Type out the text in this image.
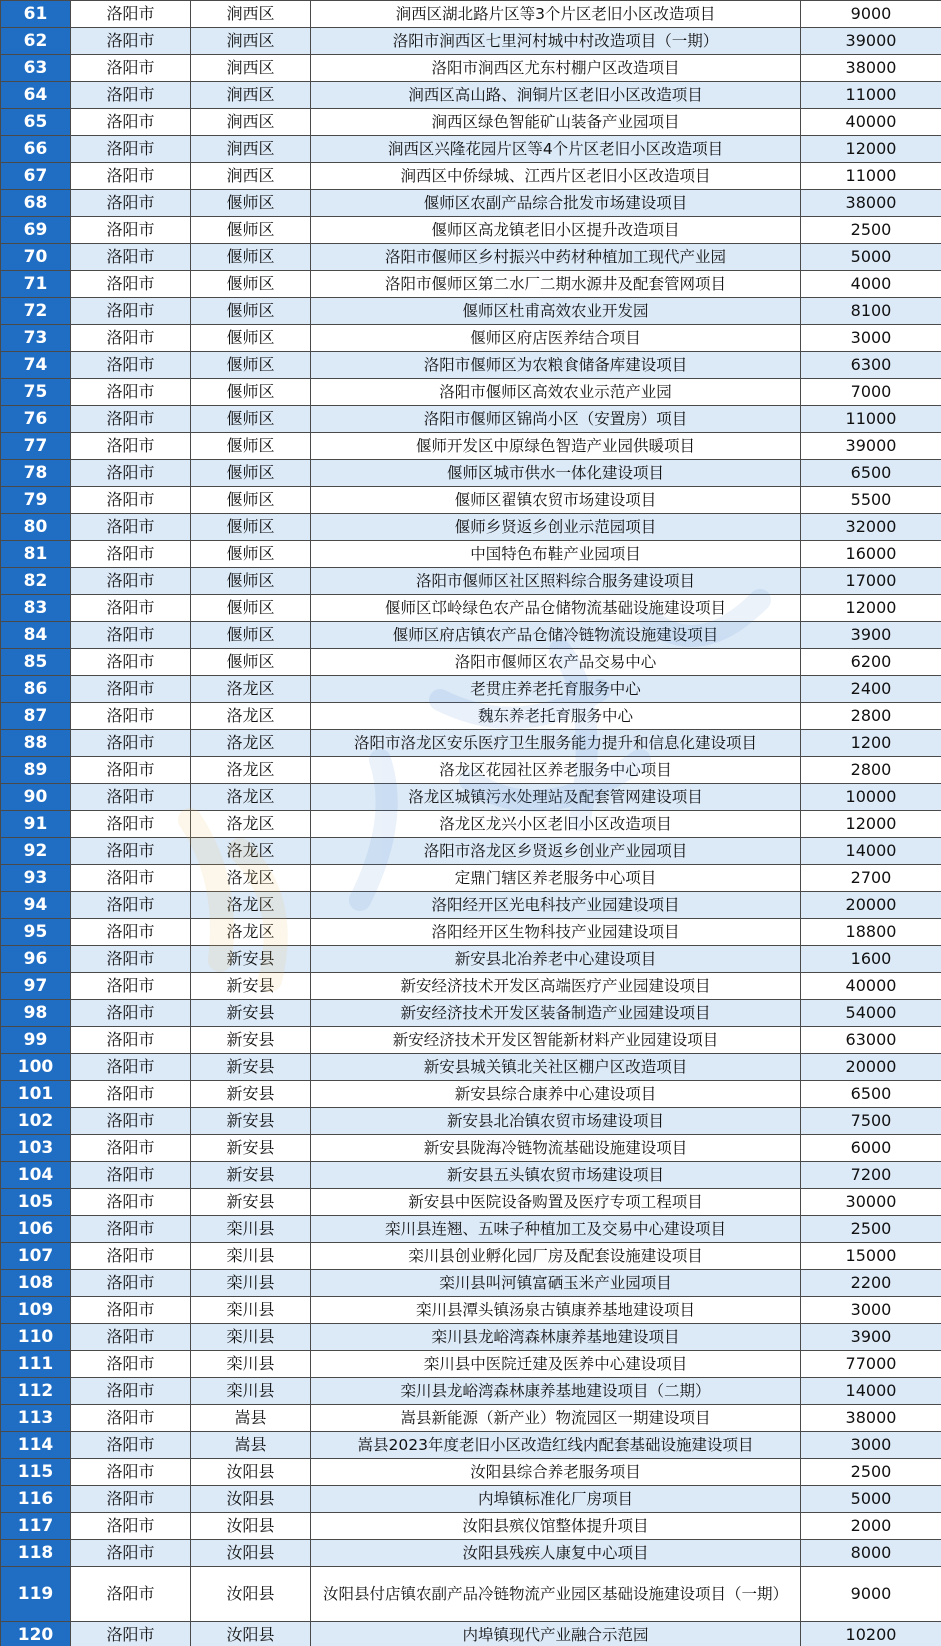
61	洛阳市	涧西区	涧西区湖北路片区等3个片区老旧小区改造项目	9000
62	洛阳市	涧西区	洛阳市涧西区七里河村城中村改造项目（一期）	39000
63	洛阳市	涧西区	洛阳市涧西区尤东村棚户区改造项目	38000
64	洛阳市	涧西区	涧西区高山路、涧铜片区老旧小区改造项目	11000
65	洛阳市	涧西区	涧西区绿色智能矿山装备产业园项目	40000
66	洛阳市	涧西区	涧西区兴隆花园片区等4个片区老旧小区改造项目	12000
67	洛阳市	涧西区	涧西区中侨绿城、江西片区老旧小区改造项目	11000
68	洛阳市	偃师区	偃师区农副产品综合批发市场建设项目	38000
69	洛阳市	偃师区	偃师区高龙镇老旧小区提升改造项目	2500
70	洛阳市	偃师区	洛阳市偃师区乡村振兴中药材种植加工现代产业园	5000
71	洛阳市	偃师区	洛阳市偃师区第二水厂二期水源井及配套管网项目	4000
72	洛阳市	偃师区	偃师区杜甫高效农业开发园	8100
73	洛阳市	偃师区	偃师区府店医养结合项目	3000
74	洛阳市	偃师区	洛阳市偃师区为农粮食储备库建设项目	6300
75	洛阳市	偃师区	洛阳市偃师区高效农业示范产业园	7000
76	洛阳市	偃师区	洛阳市偃师区锦尚小区（安置房）项目	11000
77	洛阳市	偃师区	偃师开发区中原绿色智造产业园供暖项目	39000
78	洛阳市	偃师区	偃师区城市供水一体化建设项目	6500
79	洛阳市	偃师区	偃师区翟镇农贸市场建设项目	5500
80	洛阳市	偃师区	偃师乡贤返乡创业示范园项目	32000
81	洛阳市	偃师区	中国特色布鞋产业园项目	16000
82	洛阳市	偃师区	洛阳市偃师区社区照料综合服务建设项目	17000
83	洛阳市	偃师区	偃师区邙岭绿色农产品仓储物流基础设施建设项目	12000
84	洛阳市	偃师区	偃师区府店镇农产品仓储冷链物流设施建设项目	3900
85	洛阳市	偃师区	洛阳市偃师区农产品交易中心	6200
86	洛阳市	洛龙区	老贯庄养老托育服务中心	2400
87	洛阳市	洛龙区	魏东养老托育服务中心	2800
88	洛阳市	洛龙区	洛阳市洛龙区安乐医疗卫生服务能力提升和信息化建设项目	1200
89	洛阳市	洛龙区	洛龙区花园社区养老服务中心项目	2800
90	洛阳市	洛龙区	洛龙区城镇污水处理站及配套管网建设项目	10000
91	洛阳市	洛龙区	洛龙区龙兴小区老旧小区改造项目	12000
92	洛阳市	洛龙区	洛阳市洛龙区乡贤返乡创业产业园项目	14000
93	洛阳市	洛龙区	定鼎门辖区养老服务中心项目	2700
94	洛阳市	洛龙区	洛阳经开区光电科技产业园建设项目	20000
95	洛阳市	洛龙区	洛阳经开区生物科技产业园建设项目	18800
96	洛阳市	新安县	新安县北冶养老中心建设项目	1600
97	洛阳市	新安县	新安经济技术开发区高端医疗产业园建设项目	40000
98	洛阳市	新安县	新安经济技术开发区装备制造产业园建设项目	54000
99	洛阳市	新安县	新安经济技术开发区智能新材料产业园建设项目	63000
100	洛阳市	新安县	新安县城关镇北关社区棚户区改造项目	20000
101	洛阳市	新安县	新安县综合康养中心建设项目	6500
102	洛阳市	新安县	新安县北冶镇农贸市场建设项目	7500
103	洛阳市	新安县	新安县陇海冷链物流基础设施建设项目	6000
104	洛阳市	新安县	新安县五头镇农贸市场建设项目	7200
105	洛阳市	新安县	新安县中医院设备购置及医疗专项工程项目	30000
106	洛阳市	栾川县	栾川县连翘、五味子种植加工及交易中心建设项目	2500
107	洛阳市	栾川县	栾川县创业孵化园厂房及配套设施建设项目	15000
108	洛阳市	栾川县	栾川县叫河镇富硒玉米产业园项目	2200
109	洛阳市	栾川县	栾川县潭头镇汤泉古镇康养基地建设项目	3000
110	洛阳市	栾川县	栾川县龙峪湾森林康养基地建设项目	3900
111	洛阳市	栾川县	栾川县中医院迁建及医养中心建设项目	77000
112	洛阳市	栾川县	栾川县龙峪湾森林康养基地建设项目（二期）	14000
113	洛阳市	嵩县	嵩县新能源（新产业）物流园区一期建设项目	38000
114	洛阳市	嵩县	嵩县2023年度老旧小区改造红线内配套基础设施建设项目	3000
115	洛阳市	汝阳县	汝阳县综合养老服务项目	2500
116	洛阳市	汝阳县	内埠镇标准化厂房项目	5000
117	洛阳市	汝阳县	汝阳县殡仪馆整体提升项目	2000
118	洛阳市	汝阳县	汝阳县残疾人康复中心项目	8000
119	洛阳市	汝阳县	汝阳县付店镇农副产品冷链物流产业园区基础设施建设项目（一期）	9000
120	洛阳市	汝阳县	内埠镇现代产业融合示范园	10200
